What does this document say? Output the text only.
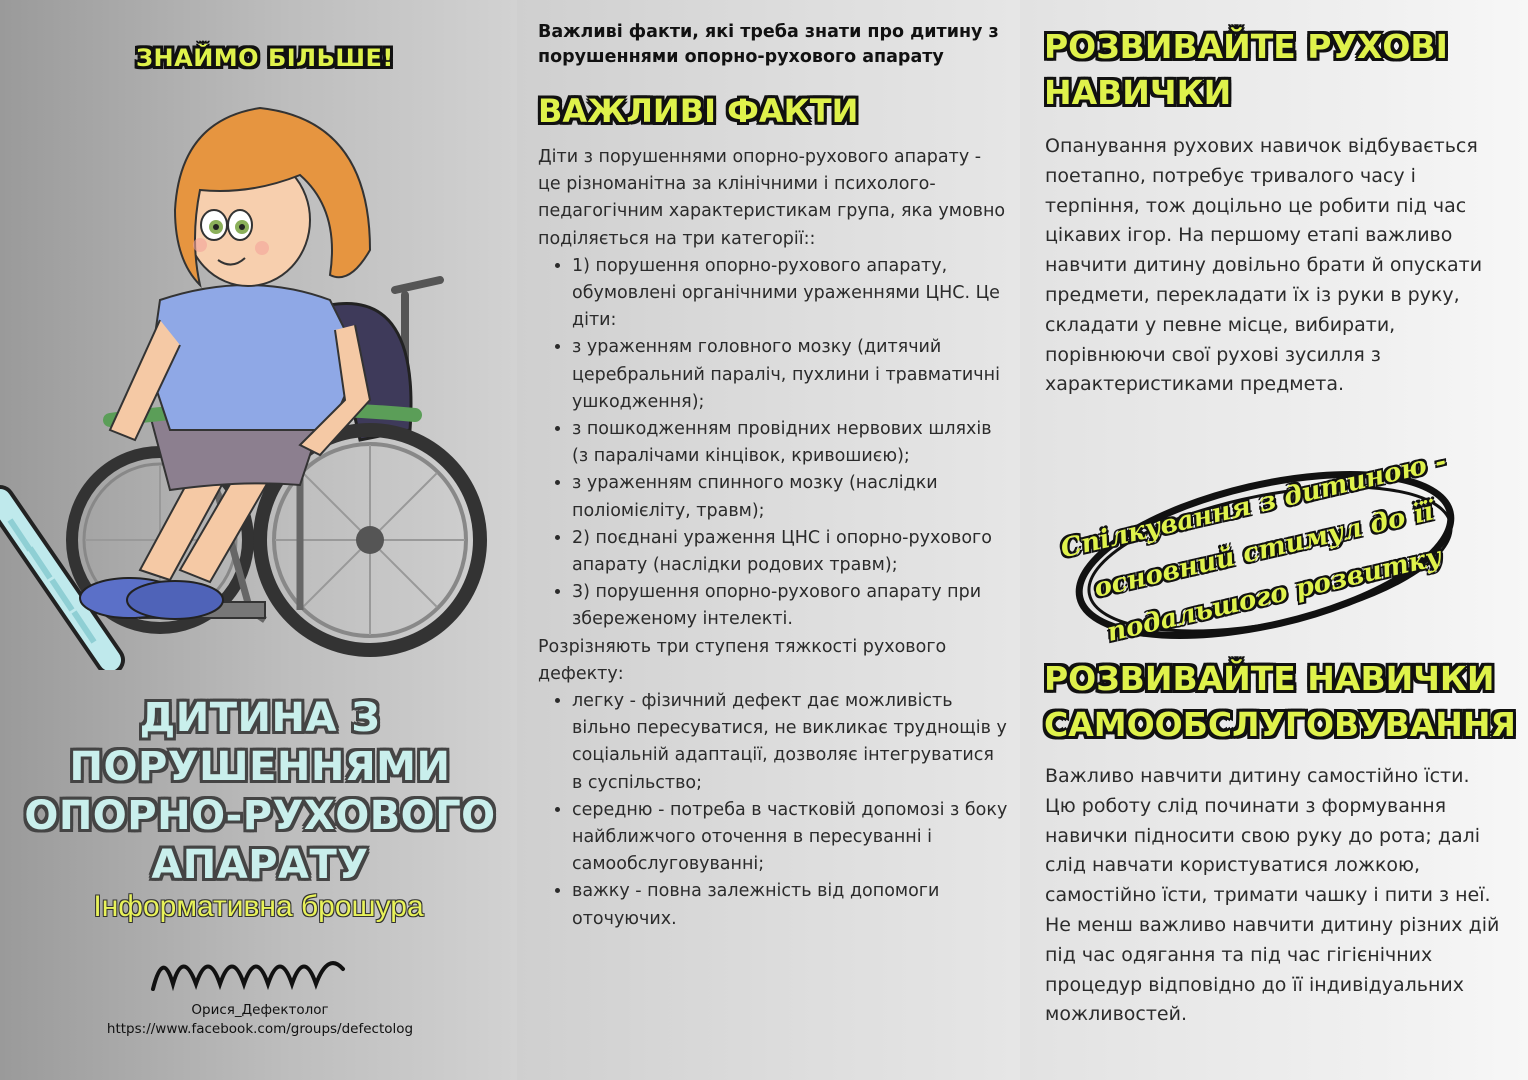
ЗНАЙМО БІЛЬШЕ!
ДИТИНА З
ПОРУШЕННЯМИ
ОПОРНО-РУХОВОГО
АПАРАТУ
Інформативна брошура
Орися_Дефектолог
https://www.facebook.com/groups/defectolog
Важливі факти, які треба знати про дитину з порушеннями опорно-рухового апарату
ВАЖЛИВІ ФАКТИ

Діти з порушеннями опорно-рухового апарату - це різноманітна за клінічними і психолого-педагогічним характеристикам група, яка умовно поділяється на три категорії::

• 1) порушення опорно-рухового апарату, обумовлені органічними ураженнями ЦНС. Це діти:
• з ураженням головного мозку (дитячий церебральний параліч, пухлини і травматичні ушкодження);
• з пошкодженням провідних нервових шляхів (з паралічами кінцівок, кривошиєю);
• з ураженням спинного мозку (наслідки поліомієліту, травм);
• 2) поєднані ураження ЦНС і опорно-рухового апарату (наслідки родових травм);
• 3) порушення опорно-рухового апарату при збереженому інтелекті.

Розрізняють три ступеня тяжкості рухового дефекту:

• легку - фізичний дефект дає можливість вільно пересуватися, не викликає труднощів у соціальній адаптації, дозволяє інтегруватися в суспільство;
• середню - потреба в частковій допомозі з боку найближчого оточення в пересуванні і самообслуговуванні;
• важку - повна залежність від допомоги оточуючих.
РОЗВИВАЙТЕ РУХОВІ НАВИЧКИ
Опанування рухових навичок відбувається поетапно, потребує тривалого часу і терпіння, тож доцільно це робити під час цікавих ігор. На першому етапі важливо навчити дитину довільно брати й опускати предмети, перекладати їх із руки в руку, складати у певне місце, вибирати, порівнюючи свої рухові зусилля з характеристиками предмета.
Спілкування з дитиною - основний стимул до її подальшого розвитку
РОЗВИВАЙТЕ НАВИЧКИ САМООБСЛУГОВУВАННЯ
Важливо навчити дитину самостійно їсти. Цю роботу слід починати з формування навички підносити свою руку до рота; далі слід навчати користуватися ложкою, самостійно їсти, тримати чашку і пити з неї.
Не менш важливо навчити дитину різних дій під час одягання та під час гігієнічних процедур відповідно до її індивідуальних можливостей.
